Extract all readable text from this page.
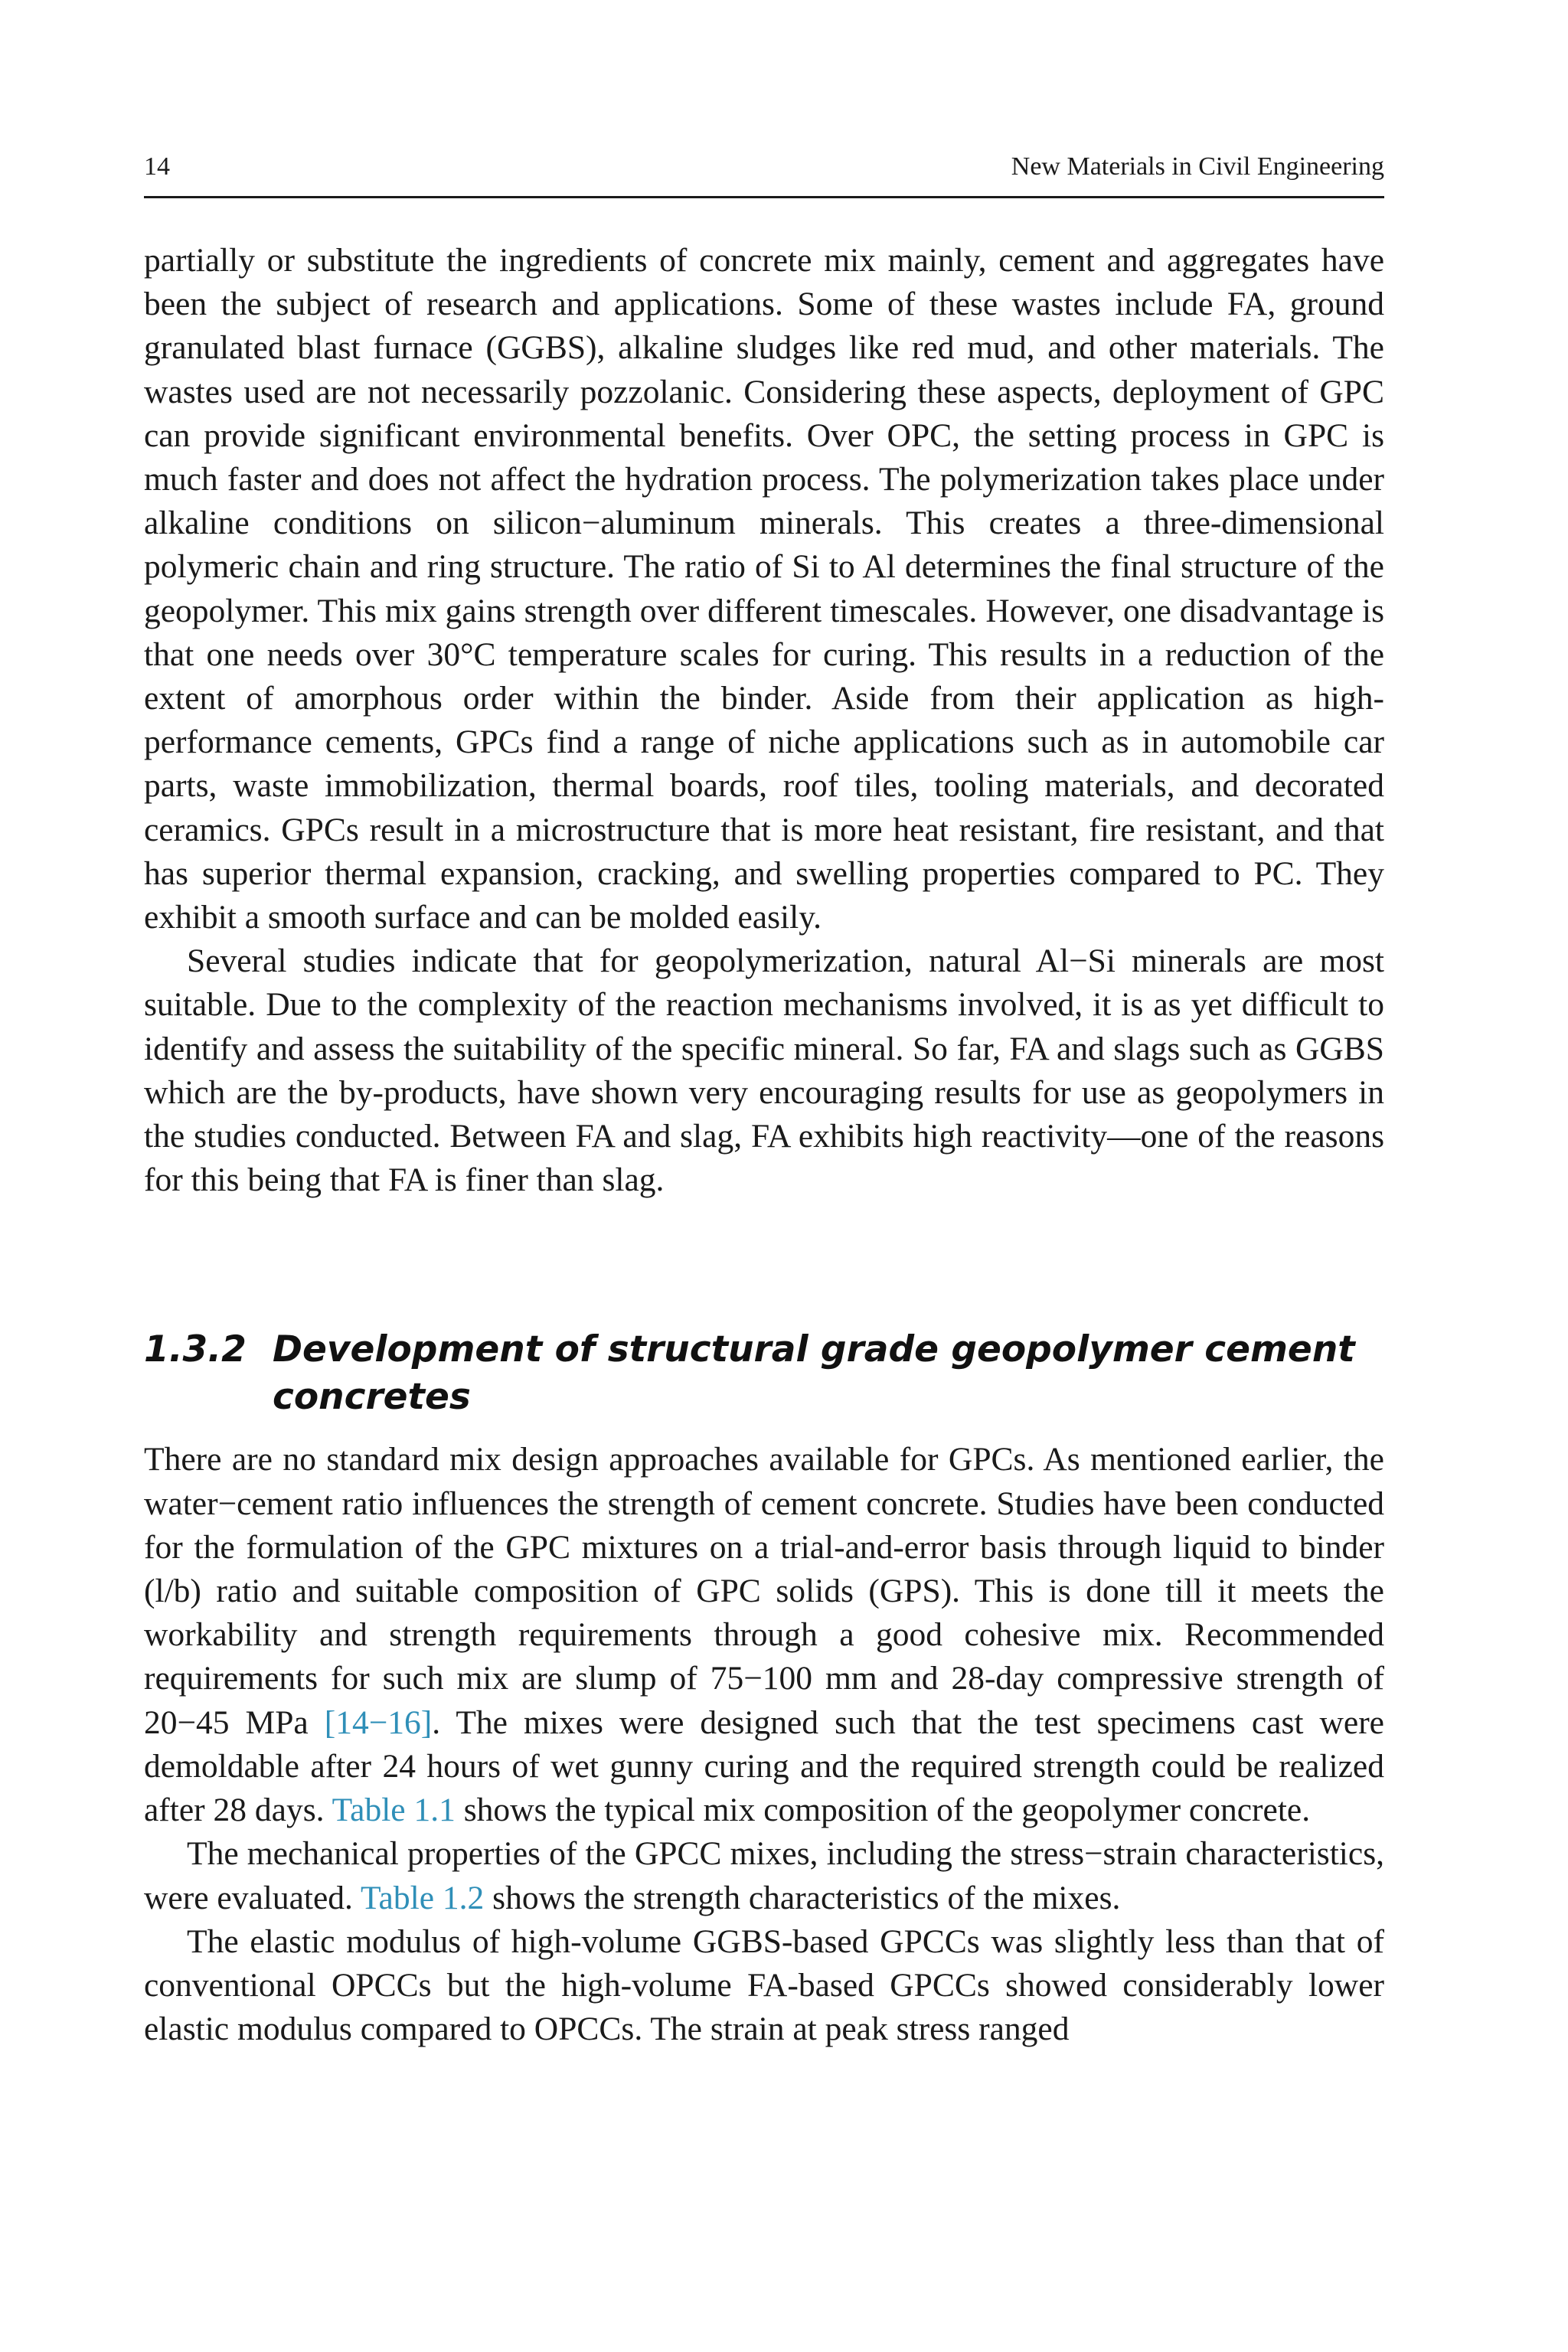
14	New Materials in Civil Engineering

partially or substitute the ingredients of concrete mix mainly, cement and aggregates have been the subject of research and applications. Some of these wastes include FA, ground granulated blast furnace (GGBS), alkaline sludges like red mud, and other materials. The wastes used are not necessarily pozzolanic. Considering these aspects, deployment of GPC can provide significant environmental benefits. Over OPC, the setting process in GPC is much faster and does not affect the hydration process. The polymerization takes place under alkaline conditions on silicon−aluminum minerals. This creates a three-dimensional polymeric chain and ring structure. The ratio of Si to Al determines the final structure of the geopolymer. This mix gains strength over different timescales. However, one disadvantage is that one needs over 30°C temperature scales for curing. This results in a reduction of the extent of amorphous order within the binder. Aside from their application as high-performance cements, GPCs find a range of niche applications such as in automobile car parts, waste immobilization, thermal boards, roof tiles, tooling materials, and decorated ceramics. GPCs result in a microstructure that is more heat resistant, fire resistant, and that has superior thermal expansion, cracking, and swelling properties compared to PC. They exhibit a smooth surface and can be molded easily.

Several studies indicate that for geopolymerization, natural Al−Si minerals are most suitable. Due to the complexity of the reaction mechanisms involved, it is as yet difficult to identify and assess the suitability of the specific mineral. So far, FA and slags such as GGBS which are the by-products, have shown very encouraging results for use as geopolymers in the studies conducted. Between FA and slag, FA exhibits high reactivity—one of the reasons for this being that FA is finer than slag.

1.3.2 Development of structural grade geopolymer cement concretes

There are no standard mix design approaches available for GPCs. As mentioned earlier, the water−cement ratio influences the strength of cement concrete. Studies have been conducted for the formulation of the GPC mixtures on a trial-and-error basis through liquid to binder (l/b) ratio and suitable composition of GPC solids (GPS). This is done till it meets the workability and strength requirements through a good cohesive mix. Recommended requirements for such mix are slump of 75−100 mm and 28-day compressive strength of 20−45 MPa [14−16]. The mixes were designed such that the test specimens cast were demoldable after 24 hours of wet gunny curing and the required strength could be realized after 28 days. Table 1.1 shows the typical mix composition of the geopolymer concrete.

The mechanical properties of the GPCC mixes, including the stress−strain characteristics, were evaluated. Table 1.2 shows the strength characteristics of the mixes.

The elastic modulus of high-volume GGBS-based GPCCs was slightly less than that of conventional OPCCs but the high-volume FA-based GPCCs showed considerably lower elastic modulus compared to OPCCs. The strain at peak stress ranged
